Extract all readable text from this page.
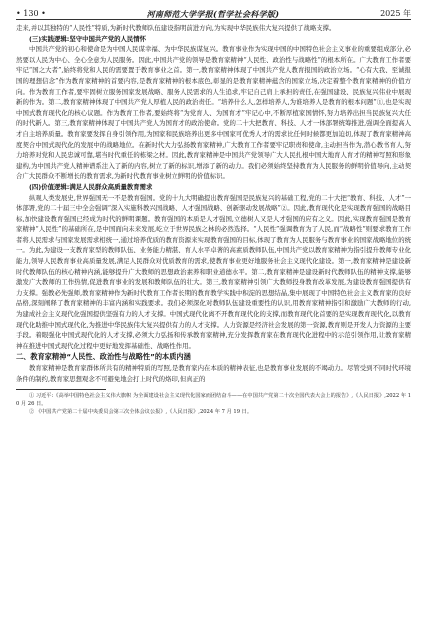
• 130 •	河南师范大学学报(哲学社会科学版)	2025 年

走来,并以其独特的“人民性”特质,为新时代教师队伍建设指明前进方向,为实现中华民族伟大复兴提供了战略支撑。

(三)实践逻辑:坚守中国共产党的人民情怀

中国共产党的初心和使命是为中国人民谋幸福、为中华民族谋复兴。教育事业作为实现中国的中国特色社会主义事业的重要组成部分,必然要以人民为中心、全心全意为人民服务。因此,中国共产党的领导是教育家精神“人民性、政治性与战略性”的根本所在。广大教育工作者要牢记“国之大者”,始终将党和人民的需要置于教育事业之首。第一,教育家精神体现了中国共产党人教育报国的政治立场。“心有大我、至诚报国的理想信念”作为教育家精神的首要内容,是教育家精神的根本底色,彰显的是教育家精神蕴含的国家立场,决定着整个教育家精神的价值方向。作为教育工作者,要牢固树立服务国家发展战略、服务人民需求的人生追求,牢记自己肩上承担的责任,在强国建设、民族复兴伟业中展现新的作为。第二,教育家精神体现了中国共产党人厚植人民的政治责任。“培养什么人,怎样培养人,为谁培养人是教育的根本问题”①,也是实现中国式教育现代化的核心议题。作为教育工作者,要始终将“为党育人、为国育才”牢记心中,不断厚植家国情怀,努力培养出担当民族复兴大任的时代新人。第三,教育家精神体现了中国共产党人为国育才的政治使命。党的二十大把教育、科技、人才一体部署统筹推进,强调全面提高人才自主培养质量。教育家要发挥自身引领作用,为国家和民族培养出更多中国家可优秀人才的需求比任何时候都更加迫切,体现了教育家精神高度契合中国式现代化的发展中的战略地位。在新时代大力弘扬教育家精神,广大教育工作者要牢记职责和使命,主动担当作为,潜心教书育人,努力培养对党和人民忠诚可靠,堪当时代重任的栋梁之材。因此,教育家精神是中国共产党领导广大人民扎根中国大地育人育才的精神写照和形象建构,为中国共产党人精神谱系注入了新的内容,树立了新的标识,增添了新的动力。我们必须始终坚持教育为人民服务的鲜明价值导向,主动契合广大民群众不断增长的教育需求,为新时代教育事业树立鲜明的价值标识。

(四)价值逻辑:满足人民群众高质量教育需求

纵观人类发展史,世界强国无一不是教育强国。党的十九大明确提出教育强国是民族复兴的基础工程,党的二十大把“教育、科技、人才”一体部署,党的二十届三中全会强调“深入实施科教兴国战略、人才强国战略、创新驱动发展战略”②。因此,教育现代化是实现教育强国的战略目标,加快建设教育强国已经成为时代的鲜明课题。教育强国的本质是人才强国,立德树人又是人才强国的应有之义。因此,实现教育强国是教育家精神“人民性”的基础所在,是中国面向未来发展,屹立于世界民族之林的必然选择。“人民性”强调教育为了人民,而“战略性”则要求教育工作者将人民需求与国家发展需求相统一,通过培养优质的教育资源来实现教育强国的目标,体现了教育为人民服务与教育事业的国家战略地位的统一。为此,为建设一支教育家型的教师队伍、业务能力精湛、育人水平卓著的高素质教师队伍,中国共产党以教育家精神为指引提升教师专业化能力,领导人民教育事业高质量发展,满足人民群众对优质教育的需求,使教育事业更好地服务社会主义现代化建设。第一,教育家精神是建设新时代教师队伍的核心精神内涵,能够提升广大教师的思想政治素养和职业道德水平。第二,教育家精神是建设新时代教师队伍的精神支撑,能够激发广大教师的工作热情,促进教育事业的发展和教师队伍的壮大。第三,教育家精神引领广大教师投身教育改革发展,为建设教育强国提供有力支撑。强教必先强师,教育家精神作为新时代教育工作者长期的教育教学实践中积淀的思想结晶,集中展现了中国特色社会主义教育家的良好品格,深刻阐释了教育家精神的丰富内涵和实践要求。我们必须深化对教师队伍建设重要性的认识,用教育家精神指引和激励广大教师的行动,为建成社会主义现代化强国提供坚强有力的人才支撑。中国式现代化离不开教育现代化的支撑,而教育现代化首要的是实现教育现代化,以教育现代化助推中国式现代化,为推进中华民族伟大复兴提供有力的人才支撑。人力资源是经济社会发展的第一资源,教育则是开发人力资源的主要手段。着眼强化中国式现代化的人才支撑,必须大力弘扬和传承教育家精神,充分发挥教育家在教育现代化进程中的示范引领作用,让教育家精神在推进中国式现代化过程中更好地发挥基础性、战略性作用。

二、教育家精神“人民性、政治性与战略性”的本质内涵

教育家精神是教育家群体所共有的精神特质的写照,是教育家内在本质的精神表征,也是教育事业发展的不竭动力。尽管受到不同时代环境条件的制约,教育家思想观念不可避免地会打上时代的烙印,但真正的

① 习近平:《高举中国特色社会主义伟大旗帜 为全面建设社会主义现代化国家而团结奋斗——在中国共产党第二十次全国代表大会上的报告》,《人民日报》,2022 年 10 月 26 日。

② 《中国共产党第二十届中央委员会第三次全体会议公报》,《人民日报》,2024 年 7 月 19 日。
